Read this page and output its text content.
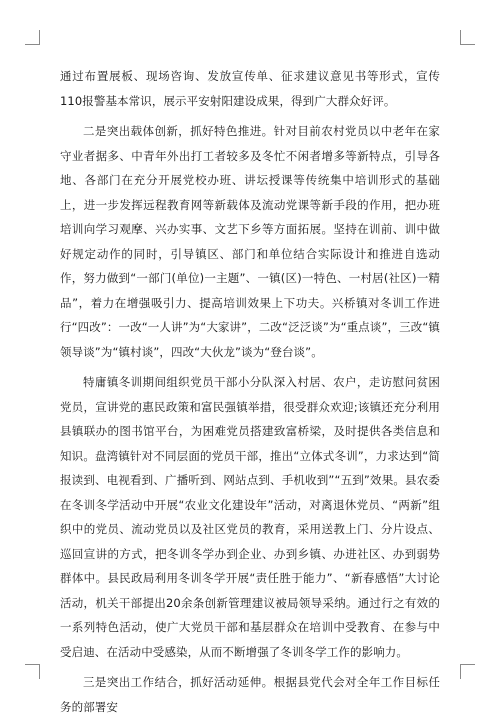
通过布置展板、现场咨询、发放宣传单、征求建议意见书等形式，宣传110报警基本常识，展示平安射阳建设成果，得到广大群众好评。

二是突出载体创新，抓好特色推进。针对目前农村党员以中老年在家守业者据多、中青年外出打工者较多及冬忙不闲者增多等新特点，引导各地、各部门在充分开展党校办班、讲坛授课等传统集中培训形式的基础上，进一步发挥远程教育网等新载体及流动党课等新手段的作用，把办班培训向学习观摩、兴办实事、文艺下乡等方面拓展。坚持在训前、训中做好规定动作的同时，引导镇区、部门和单位结合实际设计和推进自选动作，努力做到“一部门(单位)一主题”、一镇(区)一特色、一村居(社区)一精品”，着力在增强吸引力、提高培训效果上下功夫。兴桥镇对冬训工作进行“四改”：一改“一人讲”为“大家讲”，二改“泛泛谈”为“重点谈”，三改“镇领导谈”为“镇村谈”，四改“大伙龙”谈为“登台谈”。

特庸镇冬训期间组织党员干部小分队深入村居、农户，走访慰问贫困党员，宣讲党的惠民政策和富民强镇举措，很受群众欢迎;该镇还充分利用县镇联办的图书馆平台，为困难党员搭建致富桥梁，及时提供各类信息和知识。盘湾镇针对不同层面的党员干部，推出“立体式冬训”，力求达到“简报读到、电视看到、广播听到、网站点到、手机收到”“五到”效果。县农委在冬训冬学活动中开展“农业文化建设年”活动，对离退休党员、“两新”组织中的党员、流动党员以及社区党员的教育，采用送教上门、分片设点、巡回宣讲的方式，把冬训冬学办到企业、办到乡镇、办进社区、办到弱势群体中。县民政局利用冬训冬学开展“责任胜于能力”、“新春感悟”大讨论活动，机关干部提出20余条创新管理建议被局领导采纳。通过行之有效的一系列特色活动，使广大党员干部和基层群众在培训中受教育、在参与中受启迪、在活动中受感染，从而不断增强了冬训冬学工作的影响力。

三是突出工作结合，抓好活动延伸。根据县党代会对全年工作目标任务的部署安
